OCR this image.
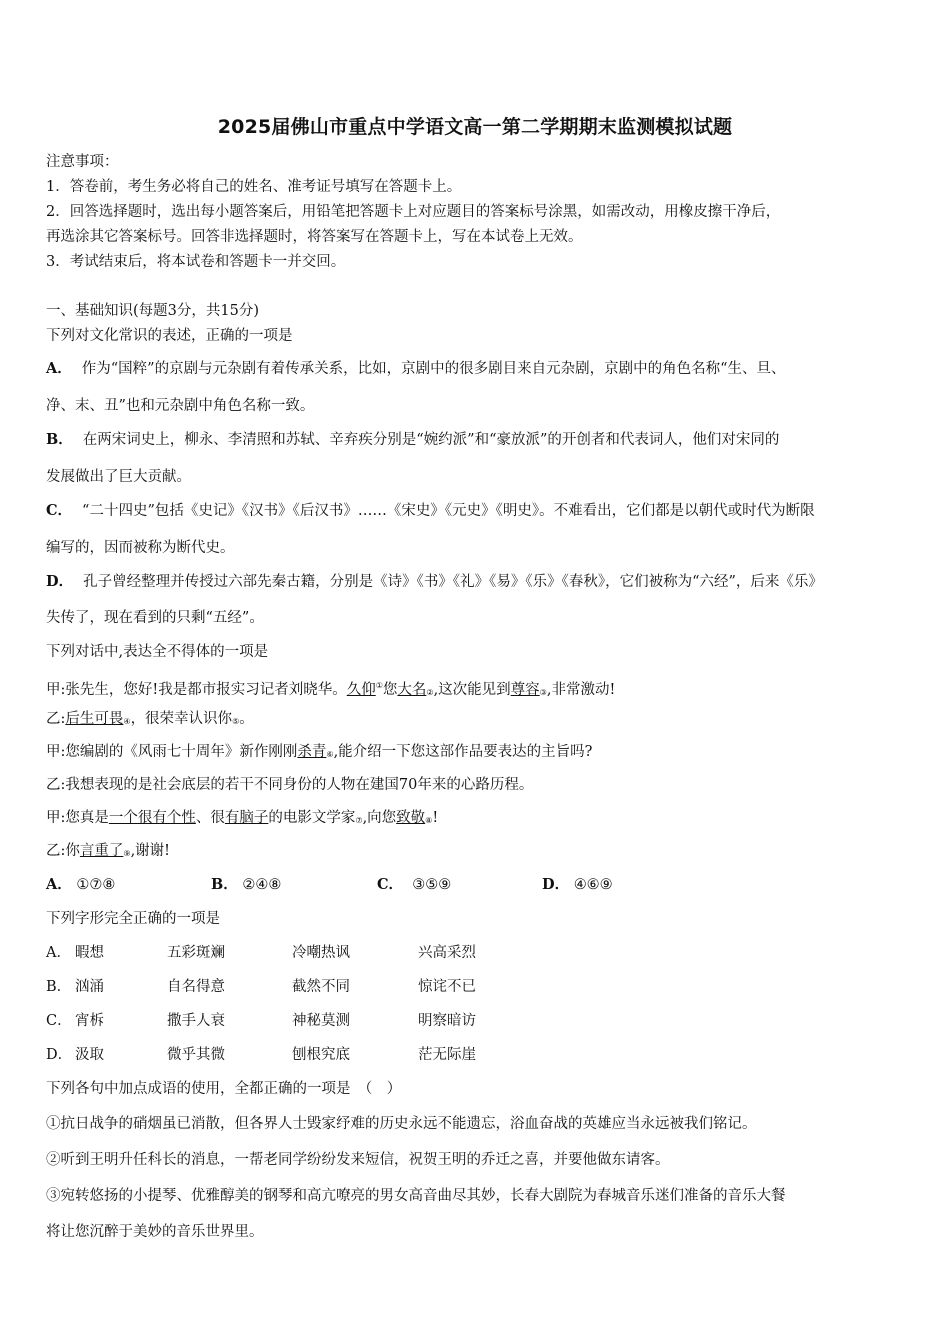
2025届佛山市重点中学语文高一第二学期期末监测模拟试题
注意事项：
1．答卷前，考生务必将自己的姓名、准考证号填写在答题卡上。
2．回答选择题时，选出每小题答案后，用铅笔把答题卡上对应题目的答案标号涂黑，如需改动，用橡皮擦干净后，
再选涂其它答案标号。回答非选择题时，将答案写在答题卡上，写在本试卷上无效。
3．考试结束后，将本试卷和答题卡一并交回。
一、基础知识(每题3分，共15分)
下列对文化常识的表述，正确的一项是
A． 作为“国粹”的京剧与元杂剧有着传承关系，比如，京剧中的很多剧目来自元杂剧，京剧中的角色名称“生、旦、
净、末、丑”也和元杂剧中角色名称一致。
B． 在两宋词史上，柳永、李清照和苏轼、辛弃疾分别是“婉约派”和“豪放派”的开创者和代表词人，他们对宋同的
发展做出了巨大贡献。
C． “二十四史”包括《史记》《汉书》《后汉书》……《宋史》《元史》《明史》。不难看出，它们都是以朝代或时代为断限
编写的，因而被称为断代史。
D． 孔子曾经整理并传授过六部先秦古籍，分别是《诗》《书》《礼》《易》《乐》《春秋》，它们被称为“六经”，后来《乐》
失传了，现在看到的只剩“五经”。
下列对话中,表达全不得体的一项是
甲:张先生，您好!我是都市报实习记者刘晓华。久仰①您大名②,这次能见到尊容③,非常激动!
乙:后生可畏④，很荣幸认识你⑤。
甲:您编剧的《风雨七十周年》新作刚刚杀青⑥,能介绍一下您这部作品要表达的主旨吗?
乙:我想表现的是社会底层的若干不同身份的人物在建国70年来的心路历程。
甲:您真是一个很有个性、很有脑子的电影文学家⑦,向您致敬⑧!
乙:你言重了⑨,谢谢!
A． ①⑦⑧	B． ②④⑧	C． ③⑤⑨	D． ④⑥⑨
下列字形完全正确的一项是
A． 暇想	五彩斑斓	冷嘲热讽	兴高采烈
B． 汹涌	自名得意	截然不同	惊诧不已
C． 宵柝	撒手人衰	神秘莫测	明察暗访
D． 汲取	微乎其微	刨根究底	茫无际崖
下列各句中加点成语的使用，全都正确的一项是　（　）
①抗日战争的硝烟虽已消散，但各界人士毁家纾难的历史永远不能遗忘，浴血奋战的英雄应当永远被我们铭记。
②听到王明升任科长的消息，一帮老同学纷纷发来短信，祝贺王明的乔迁之喜，并要他做东请客。
③宛转悠扬的小提琴、优雅醇美的钢琴和高亢嘹亮的男女高音曲尽其妙，长春大剧院为春城音乐迷们准备的音乐大餐
将让您沉醉于美妙的音乐世界里。
